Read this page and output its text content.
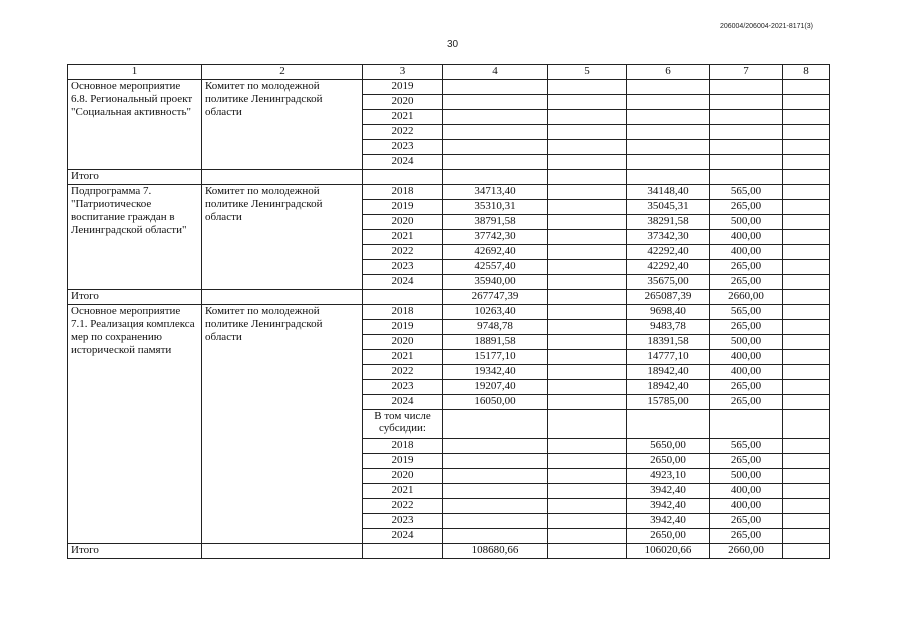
206004/206004-2021-8171(3)
30
1	2	3	4	5	6	7	8
Основное мероприятие 6.8. Региональный проект "Социальная активность"	Комитет по молодежной политике Ленинградской области	2019					
		2020					
		2021					
		2022					
		2023					
		2024					
Итого							
Подпрограмма 7. "Патриотическое воспитание граждан в Ленинградской области"	Комитет по молодежной политике Ленинградской области	2018	34713,40		34148,40	565,00	
		2019	35310,31		35045,31	265,00	
		2020	38791,58		38291,58	500,00	
		2021	37742,30		37342,30	400,00	
		2022	42692,40		42292,40	400,00	
		2023	42557,40		42292,40	265,00	
		2024	35940,00		35675,00	265,00	
Итого			267747,39		265087,39	2660,00	
Основное мероприятие 7.1. Реализация комплекса мер по сохранению исторической памяти	Комитет по молодежной политике Ленинградской области	2018	10263,40		9698,40	565,00	
		2019	9748,78		9483,78	265,00	
		2020	18891,58		18391,58	500,00	
		2021	15177,10		14777,10	400,00	
		2022	19342,40		18942,40	400,00	
		2023	19207,40		18942,40	265,00	
		2024	16050,00		15785,00	265,00	
		В том числе субсидии:					
		2018			5650,00	565,00	
		2019			2650,00	265,00	
		2020			4923,10	500,00	
		2021			3942,40	400,00	
		2022			3942,40	400,00	
		2023			3942,40	265,00	
		2024			2650,00	265,00	
Итого			108680,66		106020,66	2660,00	
